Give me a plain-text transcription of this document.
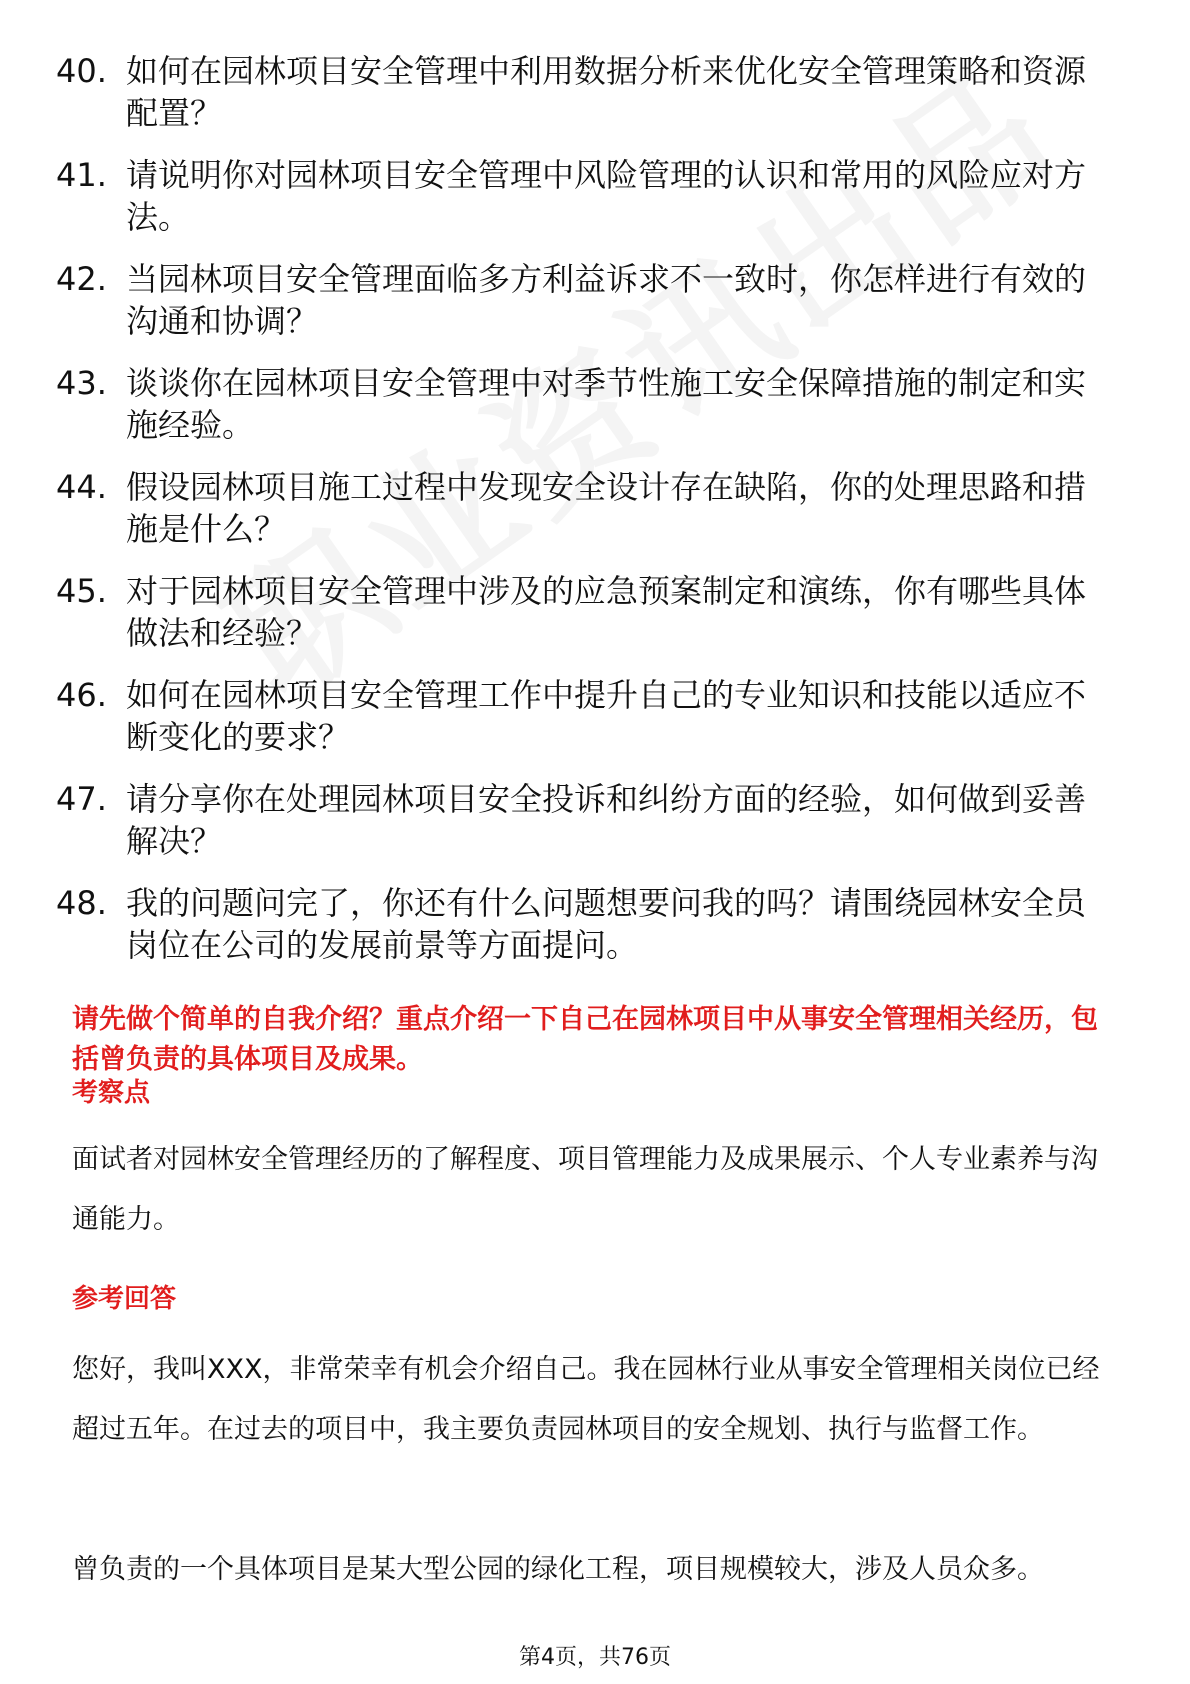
40. 如何在园林项目安全管理中利用数据分析来优化安全管理策略和资源配置？
41. 请说明你对园林项目安全管理中风险管理的认识和常用的风险应对方法。
42. 当园林项目安全管理面临多方利益诉求不一致时，你怎样进行有效的沟通和协调？
43. 谈谈你在园林项目安全管理中对季节性施工安全保障措施的制定和实施经验。
44. 假设园林项目施工过程中发现安全设计存在缺陷，你的处理思路和措施是什么？
45. 对于园林项目安全管理中涉及的应急预案制定和演练，你有哪些具体做法和经验？
46. 如何在园林项目安全管理工作中提升自己的专业知识和技能以适应不断变化的要求？
47. 请分享你在处理园林项目安全投诉和纠纷方面的经验，如何做到妥善解决？
48. 我的问题问完了，你还有什么问题想要问我的吗？请围绕园林安全员岗位在公司的发展前景等方面提问。
请先做个简单的自我介绍？重点介绍一下自己在园林项目中从事安全管理相关经历，包括曾负责的具体项目及成果。
考察点
面试者对园林安全管理经历的了解程度、项目管理能力及成果展示、个人专业素养与沟通能力。
参考回答
您好，我叫XXX，非常荣幸有机会介绍自己。我在园林行业从事安全管理相关岗位已经超过五年。在过去的项目中，我主要负责园林项目的安全规划、执行与监督工作。
曾负责的一个具体项目是某大型公园的绿化工程，项目规模较大，涉及人员众多。
第4页，共76页
